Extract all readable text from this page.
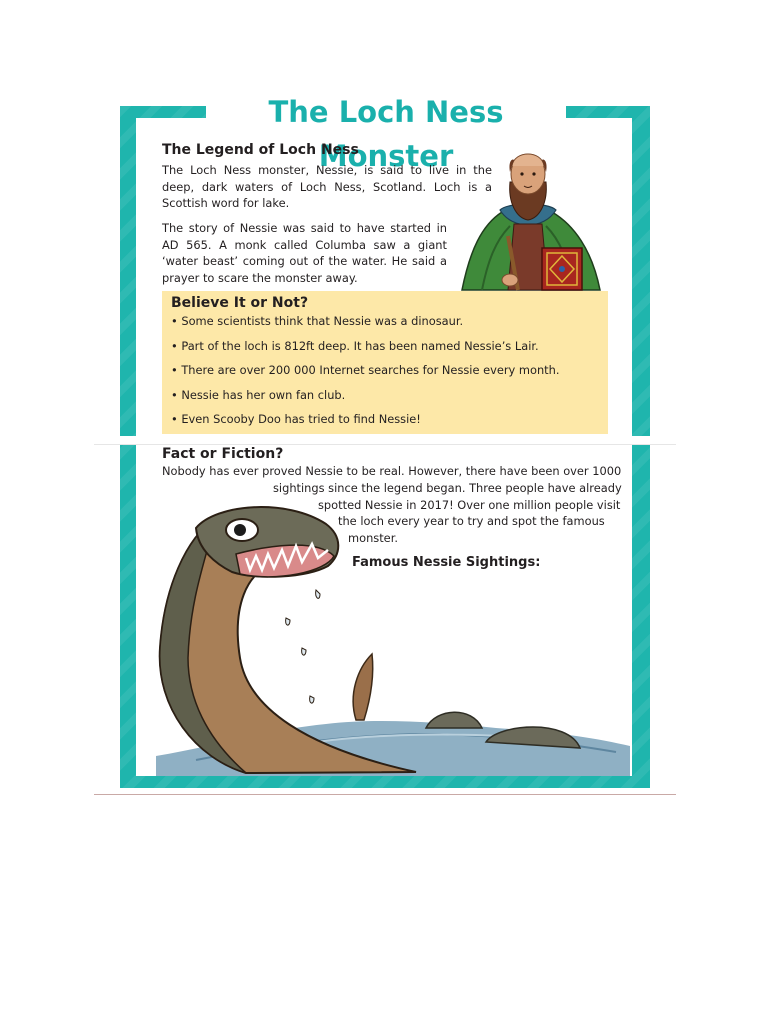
The Loch Ness Monster
The Legend of Loch Ness

The Loch Ness monster, Nessie, is said to live in the deep, dark waters of Loch Ness, Scotland. Loch is a Scottish word for lake.

The story of Nessie was said to have started in AD 565. A monk called Columba saw a giant ‘water beast’ coming out of the water. He said a prayer to scare the monster away.

Believe It or Not?
• Some scientists think that Nessie was a dinosaur.
• Part of the loch is 812ft deep. It has been named Nessie’s Lair.
• There are over 200 000 Internet searches for Nessie every month.
• Nessie has her own fan club.
• Even Scooby Doo has tried to find Nessie!
Fact or Fiction?

Nobody has ever proved Nessie to be real. However, there have been over 1000

sightings since the legend began. Three people have already

spotted Nessie in 2017! Over one million people visit

the loch every year to try and spot the famous

monster.

Famous Nessie Sightings:
